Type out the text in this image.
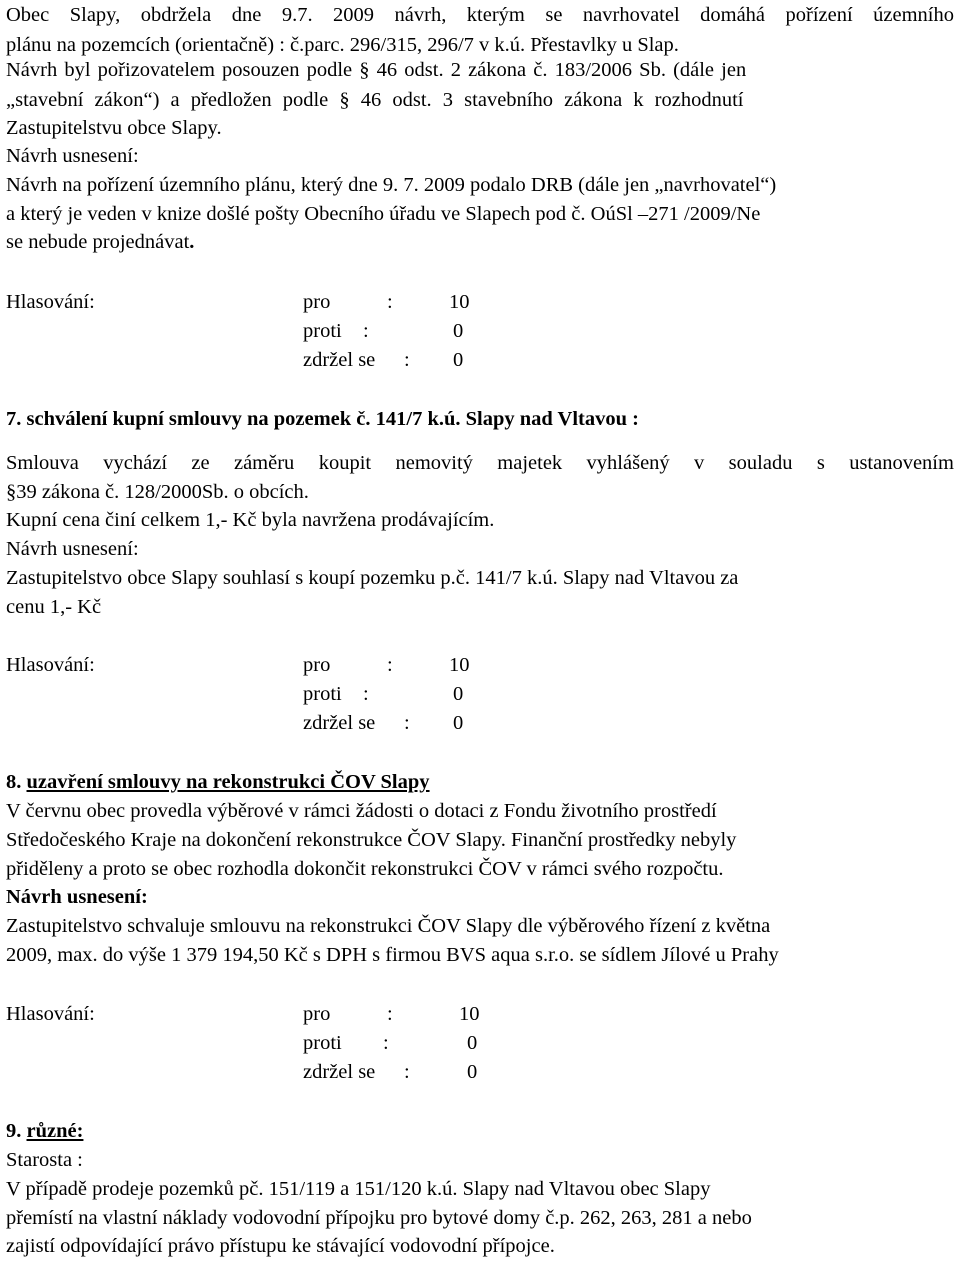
Obec Slapy, obdržela dne 9.7. 2009 návrh, kterým se navrhovatel domáhá pořízení územního
plánu na pozemcích (orientačně) : č.parc. 296/315, 296/7 v k.ú. Přestavlky u Slap.
Návrh byl pořizovatelem posouzen podle § 46 odst. 2 zákona č. 183/2006 Sb. (dále jen
„stavební zákon“) a předložen podle § 46 odst. 3 stavebního zákona k rozhodnutí
Zastupitelstvu obce Slapy.
Návrh usnesení:
Návrh na pořízení územního plánu, který dne 9. 7. 2009 podalo DRB (dále jen „navrhovatel“)
a který je veden v knize došlé pošty Obecního úřadu ve Slapech pod č. OúSl –271 /2009/Ne
se nebude projednávat.
Hlasování:	pro	:	10
proti :	0
zdržel se : 0
7. schválení kupní smlouvy na pozemek č. 141/7 k.ú. Slapy nad Vltavou :
Smlouva vychází ze záměru koupit nemovitý majetek vyhlášený v souladu s ustanovením
§39 zákona č. 128/2000Sb. o obcích.
Kupní cena činí celkem 1,- Kč byla navržena prodávajícím.
Návrh usnesení:
Zastupitelstvo obce Slapy souhlasí s koupí pozemku p.č. 141/7 k.ú. Slapy nad Vltavou za
cenu 1,- Kč
Hlasování:	pro	:	10
proti :	0
zdržel se : 0
8. uzavření smlouvy na rekonstrukci ČOV Slapy
V červnu obec provedla výběrové v rámci žádosti o dotaci z Fondu životního prostředí
Středočeského Kraje na dokončení rekonstrukce ČOV Slapy. Finanční prostředky nebyly
přiděleny a proto se obec rozhodla dokončit rekonstrukci ČOV v rámci svého rozpočtu.
Návrh usnesení:
Zastupitelstvo schvaluje smlouvu na rekonstrukci ČOV Slapy dle výběrového řízení z května
2009, max. do výše 1 379 194,50 Kč s DPH s firmou BVS aqua s.r.o. se sídlem Jílové u Prahy
Hlasování:	pro	:	10
proti :	0
zdržel se :	0
9. různé:
Starosta :
V případě prodeje pozemků pč. 151/119 a 151/120 k.ú. Slapy nad Vltavou obec Slapy
přemístí na vlastní náklady vodovodní přípojku pro bytové domy č.p. 262, 263, 281 a nebo
zajistí odpovídající právo přístupu ke stávající vodovodní přípojce.
